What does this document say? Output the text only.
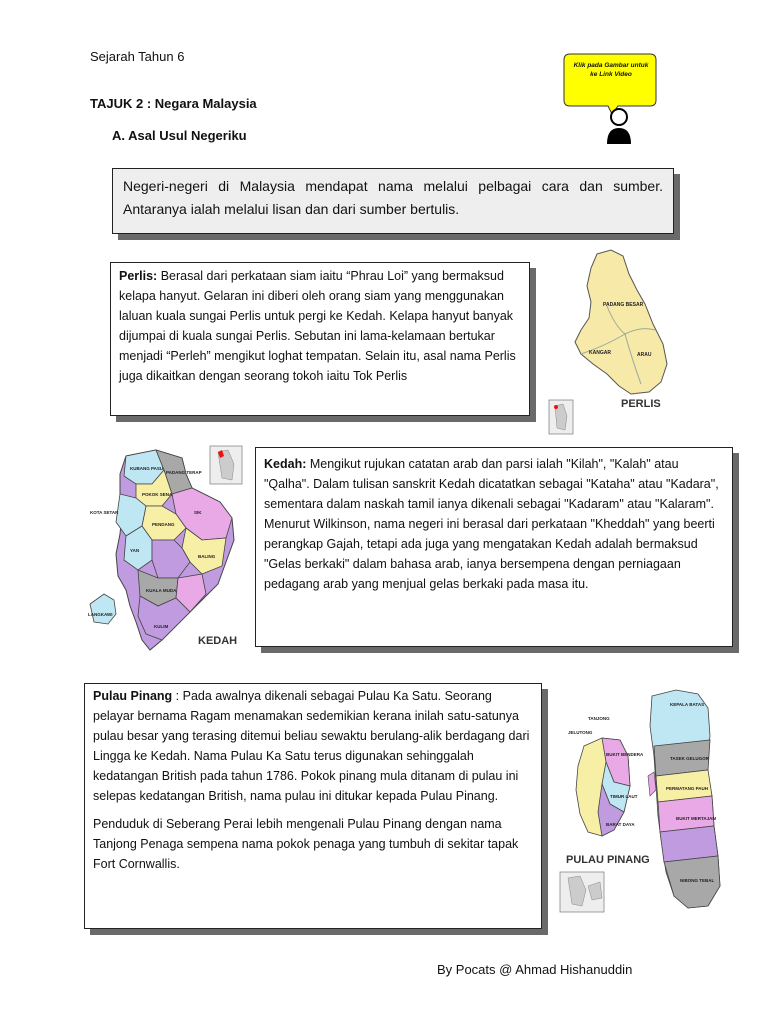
Sejarah Tahun 6
TAJUK 2 : Negara Malaysia
A. Asal Usul Negeriku
Klik pada Gambar untuk ke Link Video
Negeri-negeri di Malaysia mendapat nama melalui pelbagai cara dan sumber. Antaranya ialah melalui lisan dan dari sumber bertulis.
Perlis: Berasal dari perkataan siam iaitu “Phrau Loi” yang bermaksud kelapa hanyut. Gelaran ini diberi oleh orang siam yang menggunakan laluan kuala sungai Perlis untuk pergi ke Kedah. Kelapa hanyut banyak dijumpai di kuala sungai Perlis. Sebutan ini lama-kelamaan bertukar menjadi “Perleh” mengikut loghat tempatan. Selain itu, asal nama Perlis juga dikaitkan dengan seorang tokoh iaitu Tok Perlis
PADANG BESAR
KANGAR	ARAU
PERLIS
KUBANG PASU
PADANG TERAP
POKOK SENA
SIK
PENDANG
KOTA SETAR
YAN
BALING
KUALA MUDA
KULIM
LANGKAWI
KEDAH
Kedah: Mengikut rujukan catatan arab dan parsi ialah "Kilah", "Kalah" atau "Qalha". Dalam tulisan sanskrit Kedah dicatatkan sebagai "Kataha" atau "Kadara", sementara dalam naskah tamil ianya dikenali sebagai "Kadaram" atau "Kalaram". Menurut Wilkinson, nama negeri ini berasal dari perkataan "Kheddah" yang beerti perangkap Gajah, tetapi ada juga yang mengatakan Kedah adalah bermaksud "Gelas berkaki" dalam bahasa arab, ianya bersempena dengan perniagaan pedagang arab yang menjual gelas berkaki pada masa itu.
Pulau Pinang : Pada awalnya dikenali sebagai Pulau Ka Satu. Seorang pelayar bernama Ragam menamakan sedemikian kerana inilah satu-satunya pulau besar yang terasing ditemui beliau sewaktu berulang-alik berdagang dari Lingga ke Kedah. Nama Pulau Ka Satu terus digunakan sehinggalah kedatangan British pada tahun 1786. Pokok pinang mula ditanam di pulau ini selepas kedatangan British, nama pulau ini ditukar kepada Pulau Pinang.
Penduduk di Seberang Perai lebih mengenali Pulau Pinang dengan nama Tanjong Penaga sempena nama pokok penaga yang tumbuh di sekitar tapak Fort Cornwallis.
TANJONG
JELUTONG
BUKIT BENDERA
TIMUR LAUT
BARAT DAYA
KEPALA BATAS
TASEK GELUGOR
PERMATANG PAUH
BUKIT MERTAJAM
NIBONG TEBAL
PULAU PINANG
By Pocats @ Ahmad Hishanuddin
